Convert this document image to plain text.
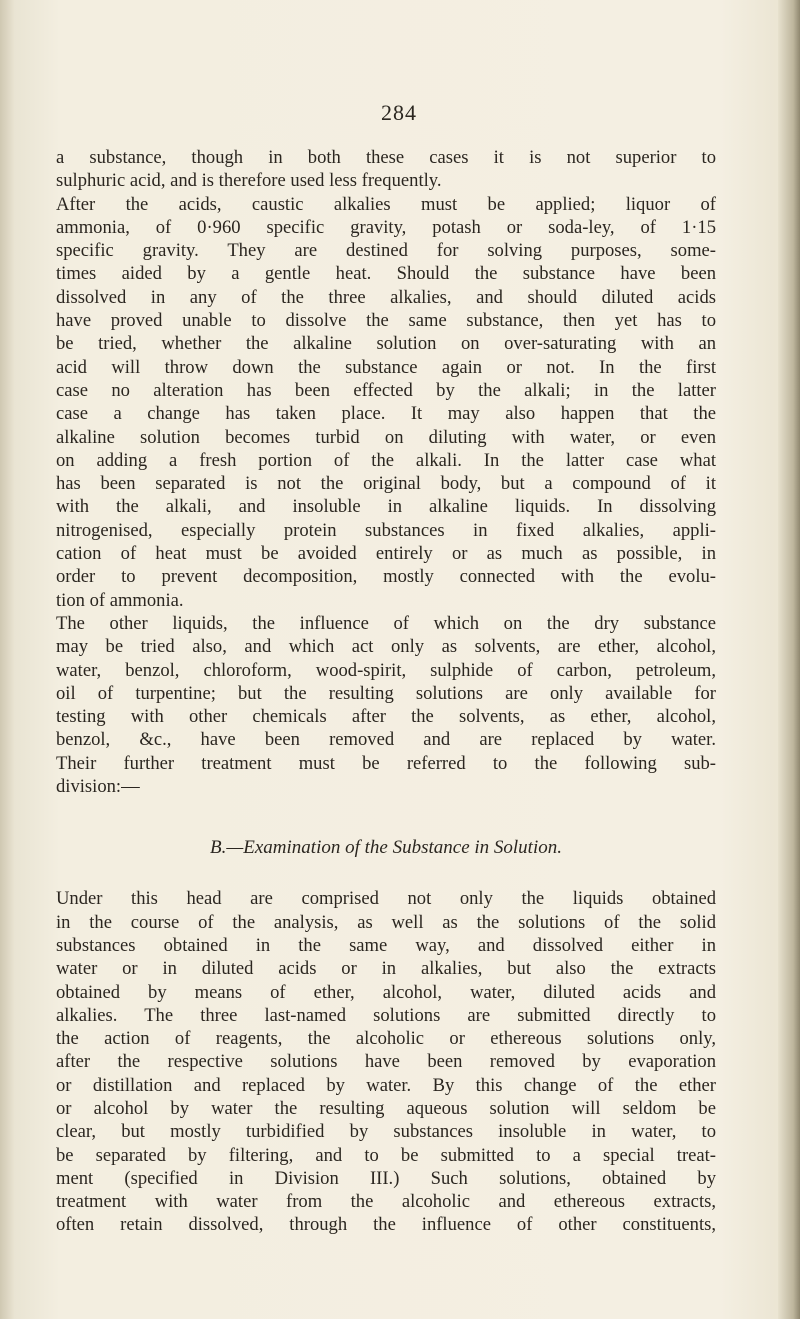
284
a substance, though in both these cases it is not superior to
sulphuric acid, and is therefore used less frequently.
After the acids, caustic alkalies must be applied; liquor of
ammonia, of 0·960 specific gravity, potash or soda-ley, of 1·15
specific gravity. They are destined for solving purposes, some-
times aided by a gentle heat. Should the substance have been
dissolved in any of the three alkalies, and should diluted acids
have proved unable to dissolve the same substance, then yet has to
be tried, whether the alkaline solution on over-saturating with an
acid will throw down the substance again or not. In the first
case no alteration has been effected by the alkali; in the latter
case a change has taken place. It may also happen that the
alkaline solution becomes turbid on diluting with water, or even
on adding a fresh portion of the alkali. In the latter case what
has been separated is not the original body, but a compound of it
with the alkali, and insoluble in alkaline liquids. In dissolving
nitrogenised, especially protein substances in fixed alkalies, appli-
cation of heat must be avoided entirely or as much as possible, in
order to prevent decomposition, mostly connected with the evolu-
tion of ammonia.
The other liquids, the influence of which on the dry substance
may be tried also, and which act only as solvents, are ether, alcohol,
water, benzol, chloroform, wood-spirit, sulphide of carbon, petroleum,
oil of turpentine; but the resulting solutions are only available for
testing with other chemicals after the solvents, as ether, alcohol,
benzol, &c., have been removed and are replaced by water.
Their further treatment must be referred to the following sub-
division:—
B.—Examination of the Substance in Solution.
Under this head are comprised not only the liquids obtained
in the course of the analysis, as well as the solutions of the solid
substances obtained in the same way, and dissolved either in
water or in diluted acids or in alkalies, but also the extracts
obtained by means of ether, alcohol, water, diluted acids and
alkalies. The three last-named solutions are submitted directly to
the action of reagents, the alcoholic or ethereous solutions only,
after the respective solutions have been removed by evaporation
or distillation and replaced by water. By this change of the ether
or alcohol by water the resulting aqueous solution will seldom be
clear, but mostly turbidified by substances insoluble in water, to
be separated by filtering, and to be submitted to a special treat-
ment (specified in Division III.) Such solutions, obtained by
treatment with water from the alcoholic and ethereous extracts,
often retain dissolved, through the influence of other constituents,
